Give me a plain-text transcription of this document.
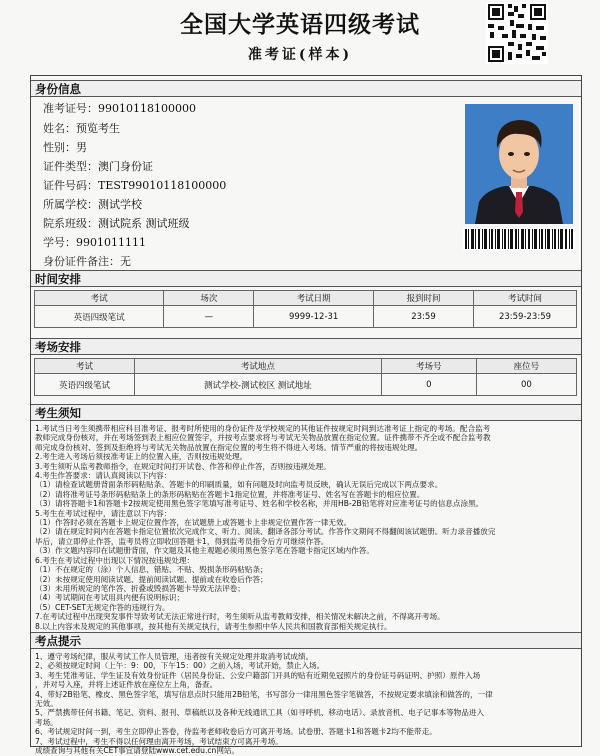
全国大学英语四级考试
准考证(样本)
身份信息
准考证号：99010118100000
姓名：预览考生
性别：男
证件类型：澳门身份证
证件号码：TEST99010118100000
所属学校：测试学校
院系班级：测试院系 测试班级
学号：9901011111
身份证件备注：无
时间安排
考试	场次	考试日期	报到时间	考试时间
英语四级笔试	—	9999-12-31	23:59	23:59-23:59
考场安排
考试	考试地点	考场号	座位号
英语四级笔试	测试学校-测试校区 测试地址	0	00
考生须知
1.考试当日考生须携带相应科目准考证、报考时所使用的身份证件及学校规定的其他证件按规定时间到达准考证上指定的考场。配合监考
教师完成身份核对，并在考场签到表上相应位置签字，并按考点要求将与考试无关物品放置在指定位置。证件携带不齐全或不配合监考教
师完成身份核对、签到及拒绝将与考试无关物品放置在指定位置的考生将不得进入考场。情节严重的将按违规处理。
2.考生进入考场后须按准考证上的位置入座，否则按违规处理。
3.考生须听从监考教师指令，在规定时间打开试卷、作答和停止作答，否则按违规处理。
4.考生作答要求：请认真阅读以下内容：
（1）请检查试题册背面条形码粘贴条、答题卡的印刷质量，如有问题及时向监考员反映，确认无误后完成以下两点要求。
（2）请将准考证号条形码粘贴条上的条形码粘贴在答题卡1指定位置，并将准考证号、姓名写在答题卡的相应位置。
（3）请将答题卡1和答题卡2按规定使用黑色签字笔填写准考证号、姓名和学校名称，并用HB-2B铅笔将对应准考证号的信息点涂黑。
5.考生在考试过程中，请注意以下内容：
（1）作答时必须在答题卡上规定位置作答，在试题册上或答题卡上非规定位置作答一律无效。
（2）请在规定时间内在答题卡指定位置依次完成作文、听力、阅读、翻译各部分考试。作答作文期间不得翻阅该试题册。听力录音播放完
毕后，请立即停止作答，监考员将立即收回答题卡1，得到监考员指令后方可继续作答。
（3）作文题内容印在试题册背面，作文题及其他主观题必须用黑色签字笔在答题卡指定区域内作答。
6.考生在考试过程中出现以下情况按违规处理：
（1）不在规定的（涂）个人信息、错贴、不贴、毁损条形码粘贴条；
（2）未按规定使用阅读试题、提前阅读试题、提前或在收卷后作答；
（3）未用所规定的笔作答、折叠或毁损答题卡导致无法评卷；
（4）考试期间在考试用具内便有说明标识；
（5）CET-SET无规定作答的违规行为。
7.在考试过程中出现突发事件导致考试无法正常进行时，考生须听从监考教师安排，相关情况未解决之前，不得离开考场。
8.以上内容未及规定的其他事项，按其他有关规定执行，请考生参照中华人民共和国教育部相关规定执行。
考点提示
1、遵守考场纪律，服从考试工作人员管理，违者按有关规定处理并取消考试成绩。
2、必须按规定时间（上午：9：00，下午15：00）之前入场，考试开始，禁止入场。
3、考生凭准考证、学生证及有效身份证件（居民身份证、公安户籍部门开具的贴有近期免冠照片的身份证号码证明、护照）原件入场
，并对号入座，并将上述证件放在座位左上角，备查。
4、带好2B铅笔、橡皮、黑色签字笔，填写信息点时只能用2B铅笔，书写部分一律用黑色签字笔做答，不按规定要求填涂和做答的，一律
无效。
5、严禁携带任何书籍、笔记、资料、报刊、草稿纸以及各种无线通讯工具（如寻呼机、移动电话）、录放音机、电子记事本等物品进入
考场。
6、考试规定时间一到，考生立即停止答卷，待监考老师收卷后方可离开考场。试卷册、答题卡1和答题卡2均不能带走。
7、考试过程中，考生不得以任何理由离开考场，考试结束方可离开考场。
成绩查询与其他有关CET事宜请登陆www.cet.edu.cn网站。
